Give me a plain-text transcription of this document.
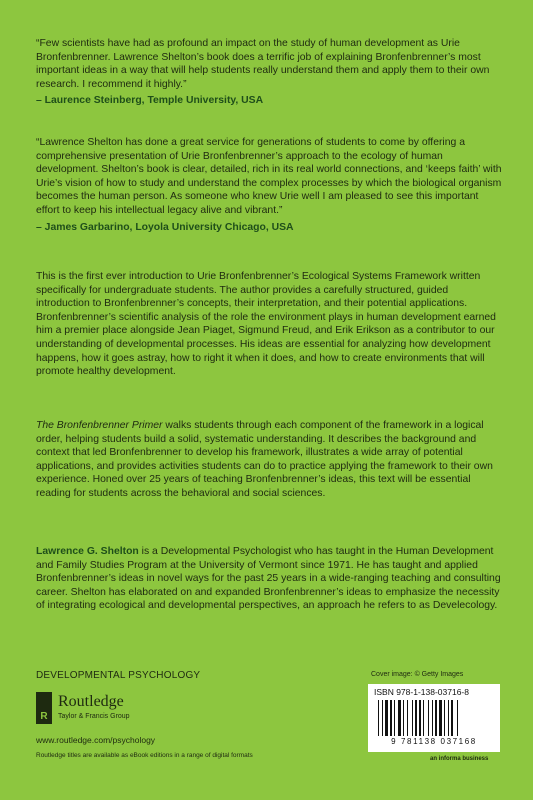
“Few scientists have had as profound an impact on the study of human development as Urie Bronfenbrenner. Lawrence Shelton’s book does a terrific job of explaining Bronfenbrenner’s most important ideas in a way that will help students really understand them and apply them to their own research. I recommend it highly.”

– Laurence Steinberg, Temple University, USA

“Lawrence Shelton has done a great service for generations of students to come by offering a comprehensive presentation of Urie Bronfenbrenner’s approach to the ecology of human development. Shelton’s book is clear, detailed, rich in its real world connections, and ‘keeps faith’ with Urie’s vision of how to study and understand the complex processes by which the biological organism becomes the human person. As someone who knew Urie well I am pleased to see this important effort to keep his intellectual legacy alive and vibrant.”

– James Garbarino, Loyola University Chicago, USA

This is the first ever introduction to Urie Bronfenbrenner’s Ecological Systems Framework written specifically for undergraduate students. The author provides a carefully structured, guided introduction to Bronfenbrenner’s concepts, their interpretation, and their potential applications. Bronfenbrenner’s scientific analysis of the role the environment plays in human development earned him a premier place alongside Jean Piaget, Sigmund Freud, and Erik Erikson as a contributor to our understanding of developmental processes. His ideas are essential for analyzing how development happens, how it goes astray, how to right it when it does, and how to create environments that will promote healthy development.

The Bronfenbrenner Primer walks students through each component of the framework in a logical order, helping students build a solid, systematic understanding. It describes the background and context that led Bronfenbrenner to develop his framework, illustrates a wide array of potential applications, and provides activities students can do to practice applying the framework to their own experience. Honed over 25 years of teaching Bronfenbrenner’s ideas, this text will be essential reading for students across the behavioral and social sciences.

Lawrence G. Shelton is a Developmental Psychologist who has taught in the Human Development and Family Studies Program at the University of Vermont since 1971. He has taught and applied Bronfenbrenner’s ideas in novel ways for the past 25 years in a wide-ranging teaching and consulting career. Shelton has elaborated on and expanded Bronfenbrenner’s ideas to emphasize the necessity of integrating ecological and developmental perspectives, an approach he refers to as Develecology.

DEVELOPMENTAL PSYCHOLOGY
R
Routledge
Taylor & Francis Group
www.routledge.com/psychology
Routledge titles are available as eBook editions in a range of digital formats
Cover image: © Getty Images
ISBN 978-1-138-03716-8
9 781138 037168
an informa business
